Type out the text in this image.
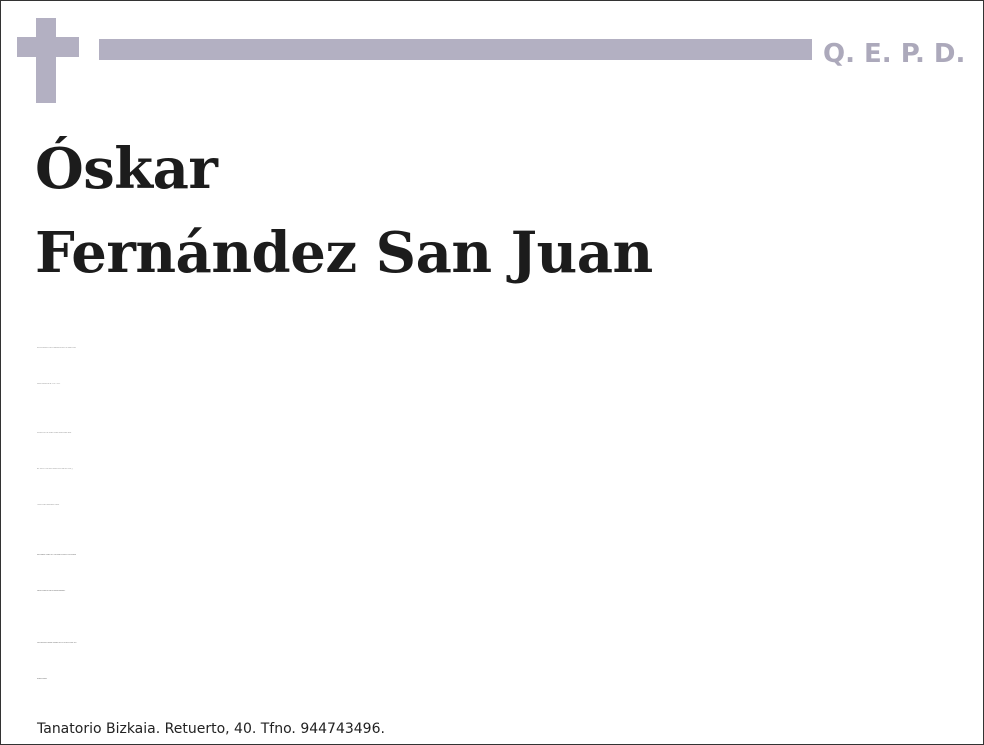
Q. E. P. D.
Óskar
Fernández San Juan
Falleció en Barakaldo, el día 3 de septiembre de 2026, a los 48 años de edad,
habiendo recibido los SS. SS. y la B. A. de S. S.
Sus padres: Luis y Kati; hermana: Vanessa; hermano político: Stuart;
tíos: Antonio y Mª Paz, Miguel y Susana, Conchi y José, Félix y Gloria (†),
y Maribel; primos y demás familia y amigos.
MISA FUNERAL: LUNES, día 7, a las SIETE de la tarde, en la parroquia
Sagrado Corazón de Jesús de Retuerto-Barakaldo.
SALA VELATORIO: MAÑANA, domingo, día 6, de 11:00h a 21:00h, en el
Tanatorio Bizkaia.
Tanatorio Bizkaia. Retuerto, 40. Tfno. 944743496.
